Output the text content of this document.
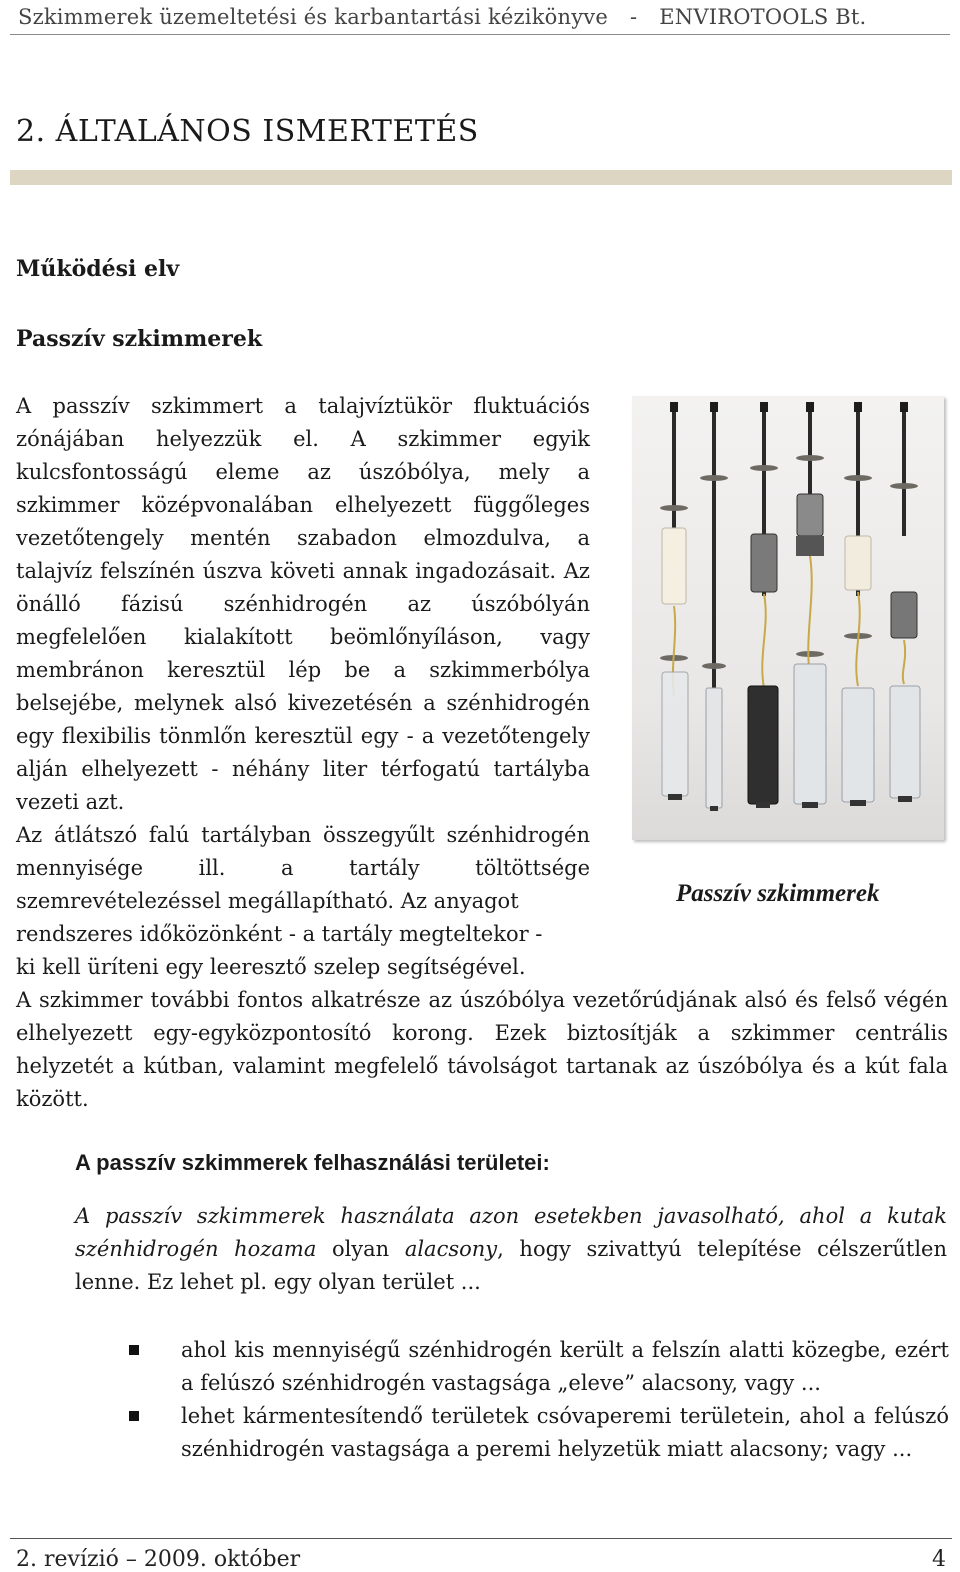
Szkimmerek üzemeltetési és karbantartási kézikönyve - ENVIROTOOLS Bt.
2. ÁLTALÁNOS ISMERTETÉS
Működési elv
Passzív szkimmerek

A passzív szkimmert a talajvíztükör fluktuációs zónájában helyezzük el. A szkimmer egyik kulcsfontosságú eleme az úszóbólya, mely a szkimmer középvonalában elhelyezett függőleges vezetőtengely mentén szabadon elmozdulva, a talajvíz felszínén úszva követi annak ingadozásait. Az önálló fázisú szénhidrogén az úszóbólyán megfelelően kialakított beömlőnyíláson, vagy membránon keresztül lép be a szkimmerbólya belsejébe, melynek alsó kivezetésén a szénhidrogén egy flexibilis tönmlőn keresztül egy - a vezetőtengely alján elhelyezett - néhány liter térfogatú tartályba vezeti azt.

Az átlátszó falú tartályban összegyűlt szénhidrogén mennyisége ill. a tartály töltöttsége szemrevételezéssel megállapítható. Az anyagot

rendszeres időközönként - a tartály megteltekor -
ki kell üríteni egy leeresztő szelep segítségével.
A szkimmer további fontos alkatrésze az úszóbólya vezetőrúdjának alsó és felső végén elhelyezett egy-egyközpontosító korong. Ezek biztosítják a szkimmer centrális helyzetét a kútban, valamint megfelelő távolságot tartanak az úszóbólya és a kút fala között.

Passzív szkimmerek

A passzív szkimmerek felhasználási területei:

A passzív szkimmerek használata azon esetekben javasolható, ahol a kutak szénhidrogén hozama olyan alacsony, hogy szivattyú telepítése célszerűtlen lenne. Ez lehet pl. egy olyan terület ...

ahol kis mennyiségű szénhidrogén került a felszín alatti közegbe, ezért a felúszó szénhidrogén vastagsága „eleve” alacsony, vagy ...
lehet kármentesítendő területek csóvaperemi területein, ahol a felúszó szénhidrogén vastagsága a peremi helyzetük miatt alacsony; vagy ...
2. revízió – 2009. október	4
